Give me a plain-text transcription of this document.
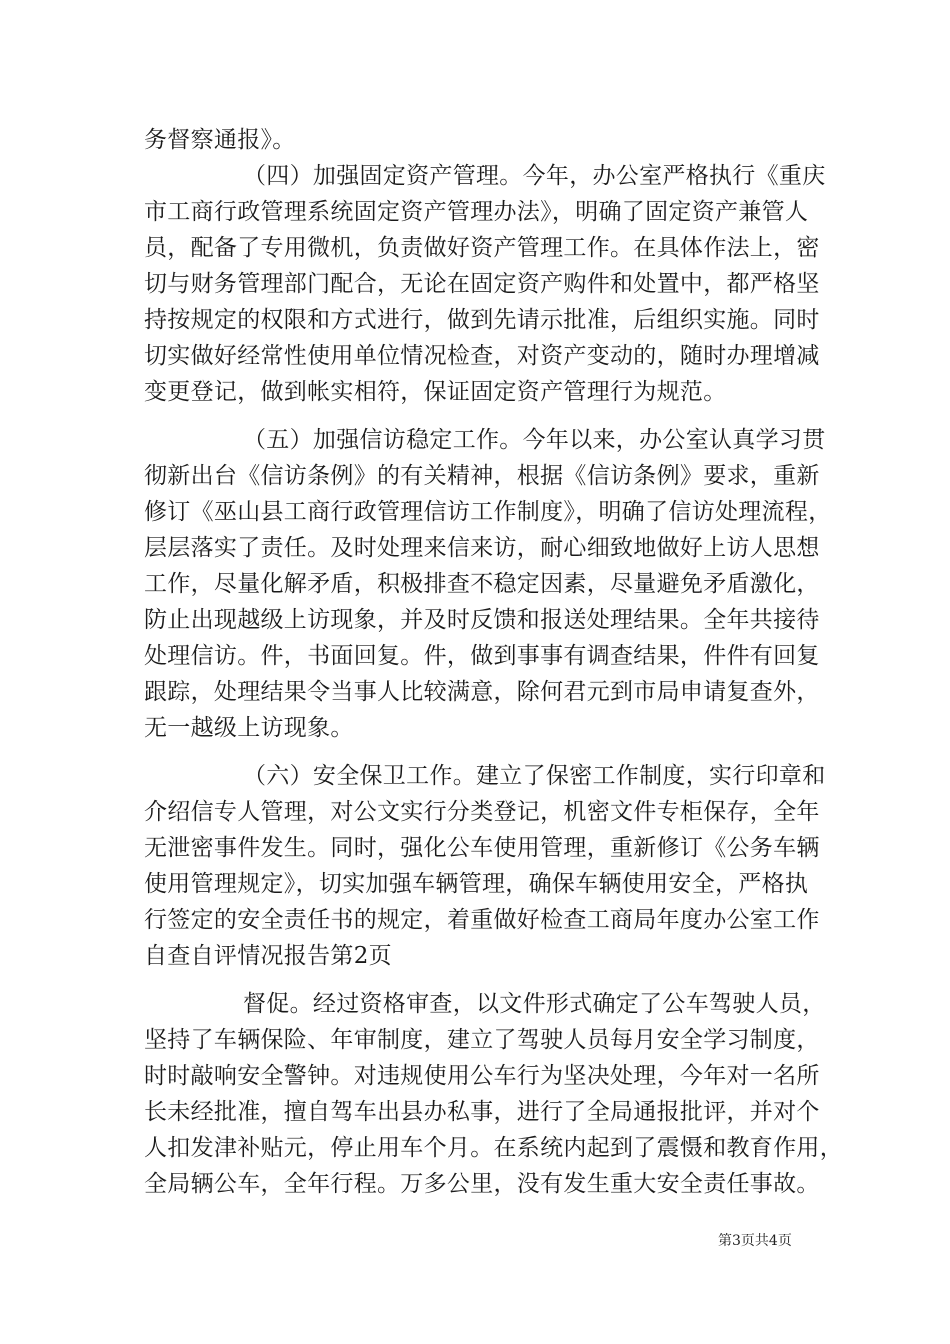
务督察通报》。
（四）加强固定资产管理。今年，办公室严格执行《重庆
市工商行政管理系统固定资产管理办法》，明确了固定资产兼管人
员，配备了专用微机，负责做好资产管理工作。在具体作法上，密
切与财务管理部门配合，无论在固定资产购件和处置中，都严格坚
持按规定的权限和方式进行，做到先请示批准，后组织实施。同时
切实做好经常性使用单位情况检查，对资产变动的，随时办理增减
变更登记，做到帐实相符，保证固定资产管理行为规范。
（五）加强信访稳定工作。今年以来，办公室认真学习贯
彻新出台《信访条例》的有关精神，根据《信访条例》要求，重新
修订《巫山县工商行政管理信访工作制度》，明确了信访处理流程，
层层落实了责任。及时处理来信来访，耐心细致地做好上访人思想
工作，尽量化解矛盾，积极排查不稳定因素，尽量避免矛盾激化，
防止出现越级上访现象，并及时反馈和报送处理结果。全年共接待
处理信访。件，书面回复。件，做到事事有调查结果，件件有回复
跟踪，处理结果令当事人比较满意，除何君元到市局申请复查外，
无一越级上访现象。
（六）安全保卫工作。建立了保密工作制度，实行印章和
介绍信专人管理，对公文实行分类登记，机密文件专柜保存，全年
无泄密事件发生。同时，强化公车使用管理，重新修订《公务车辆
使用管理规定》，切实加强车辆管理，确保车辆使用安全，严格执
行签定的安全责任书的规定，着重做好检查工商局年度办公室工作
自查自评情况报告第2页
督促。经过资格审查，以文件形式确定了公车驾驶人员，
坚持了车辆保险、年审制度，建立了驾驶人员每月安全学习制度，
时时敲响安全警钟。对违规使用公车行为坚决处理，今年对一名所
长未经批准，擅自驾车出县办私事，进行了全局通报批评，并对个
人扣发津补贴元，停止用车个月。在系统内起到了震慑和教育作用，
全局辆公车，全年行程。万多公里，没有发生重大安全责任事故。
第3页共4页
